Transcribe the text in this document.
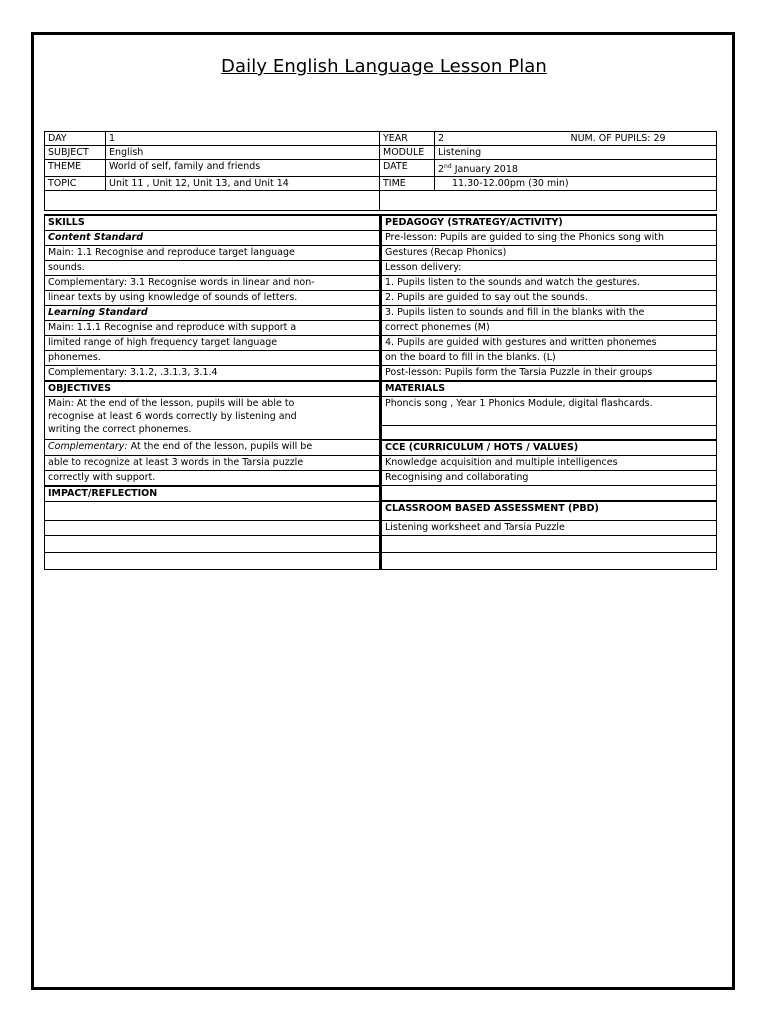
Daily English Language Lesson Plan
DAY	1	YEAR	2 NUM. OF PUPILS: 29

SUBJECT	English	MODULE	Listening
THEME	World of self, family and friends	DATE	2nd January 2018
TOPIC	Unit 11 , Unit 12, Unit 13, and Unit 14	TIME	11.30-12.00pm (30 min)

SKILLS	PEDAGOGY (STRATEGY/ACTIVITY)
Content Standard	Pre-lesson: Pupils are guided to sing the Phonics song with
Main: 1.1 Recognise and reproduce target language	Gestures (Recap Phonics)
sounds.	Lesson delivery:
Complementary: 3.1 Recognise words in linear and non-	1. Pupils listen to the sounds and watch the gestures.
linear texts by using knowledge of sounds of letters.	2. Pupils are guided to say out the sounds.
Learning Standard	3. Pupils listen to sounds and fill in the blanks with the
Main: 1.1.1 Recognise and reproduce with support a	correct phonemes (M)
limited range of high frequency target language	4. Pupils are guided with gestures and written phonemes
phonemes.	on the board to fill in the blanks. (L)
Complementary: 3.1.2, .3.1.3, 3.1.4	Post-lesson: Pupils form the Tarsia Puzzle in their groups
OBJECTIVES	MATERIALS

Main: At the end of the lesson, pupils will be able to
recognise at least 6 words correctly by listening and
writing the correct phonemes.	Phoncis song , Year 1 Phonics Module, digital flashcards.

Complementary: At the end of the lesson, pupils will be	CCE (CURRICULUM / HOTS / VALUES)
able to recognize at least 3 words in the Tarsia puzzle	Knowledge acquisition and multiple intelligences
correctly with support.	Recognising and collaborating
IMPACT/REFLECTION	
	CLASSROOM BASED ASSESSMENT (PBD)
	Listening worksheet and Tarsia Puzzle
